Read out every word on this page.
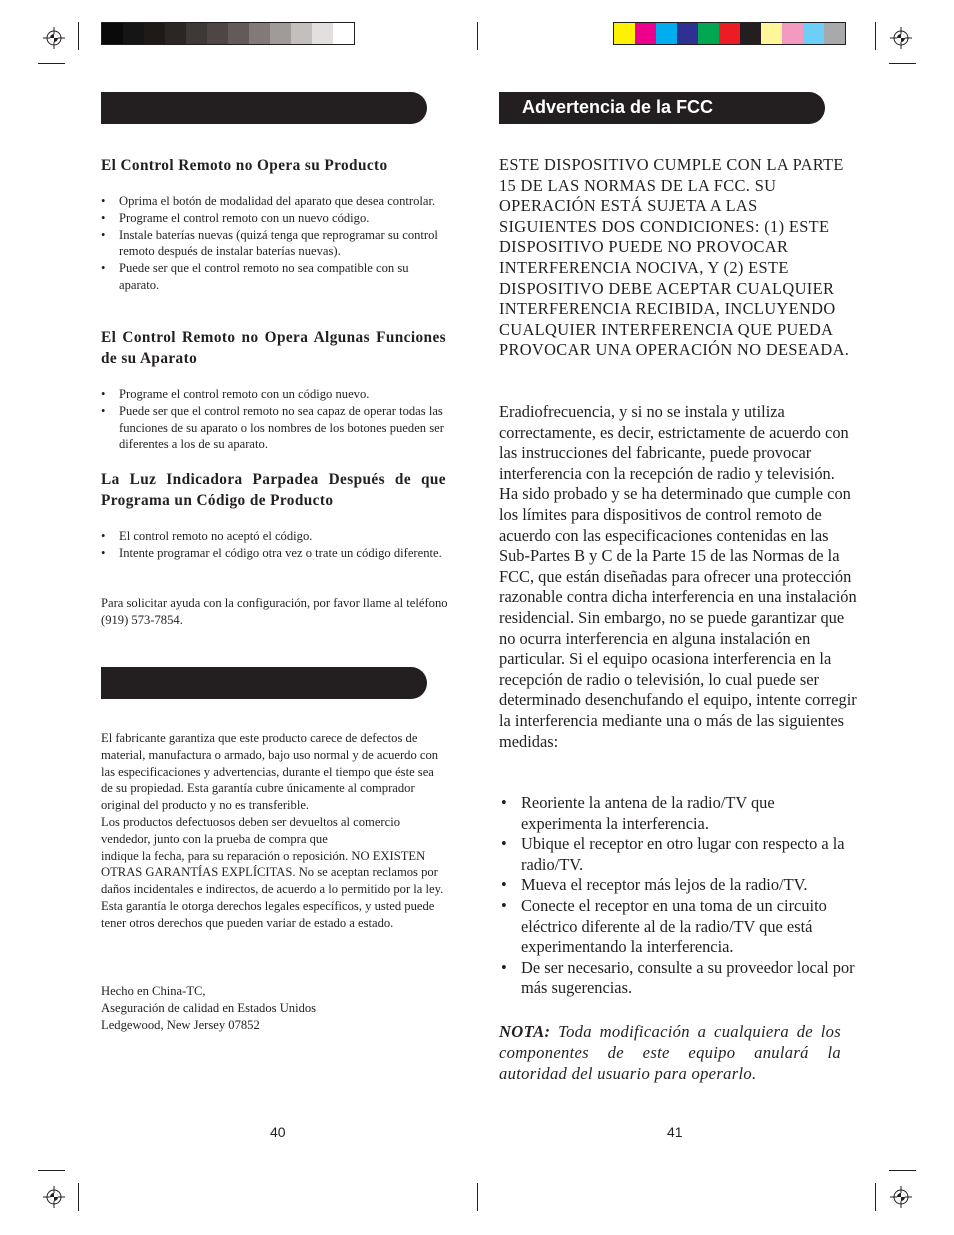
El Control Remoto no Opera su Producto
• Oprima el botón de modalidad del aparato que desea controlar.
• Programe el control remoto con un nuevo código.
• Instale baterías nuevas (quizá tenga que reprogramar su control remoto después de instalar baterías nuevas).
• Puede ser que el control remoto no sea compatible con su aparato.
El Control Remoto no Opera Algunas Funciones de su Aparato
• Programe el control remoto con un código nuevo.
• Puede ser que el control remoto no sea capaz de operar todas las funciones de su aparato o los nombres de los botones pueden ser diferentes a los de su aparato.
La Luz Indicadora Parpadea Después de que Programa un Código de Producto
• El control remoto no aceptó el código.
• Intente programar el código otra vez o trate un código diferente.

Para solicitar ayuda con la configuración, por favor llame al teléfono (919) 573-7854.

El fabricante garantiza que este producto carece de defectos de material, manufactura o armado, bajo uso normal y de acuerdo con las especificaciones y advertencias, durante el tiempo que éste sea de su propiedad. Esta garantía cubre únicamente al comprador original del producto y no es transferible.
Los productos defectuosos deben ser devueltos al comercio vendedor, junto con la prueba de compra que
indique la fecha, para su reparación o reposición. NO EXISTEN OTRAS GARANTÍAS EXPLÍCITAS. No se aceptan reclamos por daños incidentales e indirectos, de acuerdo a lo permitido por la ley. Esta garantía le otorga derechos legales específicos, y usted puede tener otros derechos que pueden variar de estado a estado.
Hecho en China-TC,
Aseguración de calidad en Estados Unidos
Ledgewood, New Jersey 07852
40
Advertencia de la FCC

ESTE DISPOSITIVO CUMPLE CON LA PARTE 15 DE LAS NORMAS DE LA FCC. SU OPERACIÓN ESTÁ SUJETA A LAS SIGUIENTES DOS CONDICIONES: (1) ESTE DISPOSITIVO PUEDE NO PROVOCAR INTERFERENCIA NOCIVA, Y (2) ESTE DISPOSITIVO DEBE ACEPTAR CUALQUIER INTERFERENCIA RECIBIDA, INCLUYENDO CUALQUIER INTERFERENCIA QUE PUEDA PROVOCAR UNA OPERACIÓN NO DESEADA.

Eradiofrecuencia, y si no se instala y utiliza correctamente, es decir, estrictamente de acuerdo con las instrucciones del fabricante, puede provocar interferencia con la recepción de radio y televisión. Ha sido probado y se ha determinado que cumple con los límites para dispositivos de control remoto de acuerdo con las especificaciones contenidas en las Sub-Partes B y C de la Parte 15 de las Normas de la FCC, que están diseñadas para ofrecer una protección razonable contra dicha interferencia en una instalación residencial. Sin embargo, no se puede garantizar que no ocurra interferencia en alguna instalación en particular. Si el equipo ocasiona interferencia en la recepción de radio o televisión, lo cual puede ser determinado desenchufando el equipo, intente corregir la interferencia mediante una o más de las siguientes medidas:

• Reoriente la antena de la radio/TV que experimenta la interferencia.
• Ubique el receptor en otro lugar con respecto a la radio/TV.
• Mueva el receptor más lejos de la radio/TV.
• Conecte el receptor en una toma de un circuito eléctrico diferente al de la radio/TV que está experimentando la interferencia.
• De ser necesario, consulte a su proveedor local por más sugerencias.
NOTA: Toda modificación a cualquiera de los componentes de este equipo anulará la autoridad del usuario para operarlo.
41
